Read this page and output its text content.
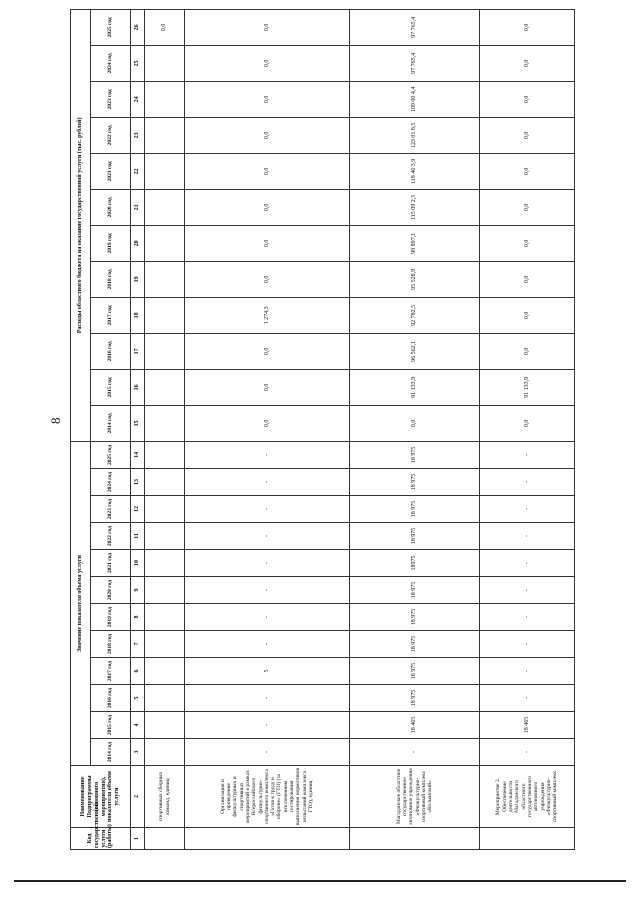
8
Код государственной услуги (работы)	Наименование Подпрограммы (основного мероприятия), показателя объема услуги	Значение показателя объема услуги												Расходы областного бюджета на оказание государственной услуги (тыс. рублей)											
		2014 год	2015 год	2016 год	2017 год	2018 год	2019 год	2020 год	2021 год	2022 год	2023 год	2024 год	2025 год	2014 год	2015 год	2016 год	2017 год	2018 год	2019 год	2020 год	2021 год	2022 год	2023 год	2024 год	2025 год
1	2	3	4	5	6	7	8	9	10	11	12	13	14	15	16	17	18	19	20	21	22	23	24	25	26
	спортивных сборных команд, единиц																								0,0
	Организация и проведение физкультурных и спортивных мероприятий в рамках Всероссийского физкультурно-спортивного комплекса «Готов к труду и обороне» (ГТО) (за исключением тестирования выполнения нормативов испытаний комплекса ГТО), единиц	-	-	-	5	-	-	-	-	-	-	-	-	0,0	0,0	0,0	1 274,3	0,0	0,0	0,0	0,0	0,0	0,0	0,0	0,0
	Магаданское областное государственное автономное учреждение «Физкультурно-спортивный комплекс «Колымский»	-	18 465	18 975	18 975	18 975	18 975	18 975	18975	18 975	18 975	18 975	18 975	0,0	91 133,9	96 562,1	92 782,5	95 528,9	98 897,1	115 09 2,5	118 46 3,9	123 01 8,5	109 00 4,4	97 765,4	97 765,4
	Мероприятие 2. Обеспечение деятельности Магаданского областного государственного автономного учреждения «Физкультурно-спортивный комплекс	-	18 465	-	-	-	-	-	-	-	-	-	-	0,0	91 133,9	0,0	0,0	0,0	0,0	0,0	0,0	0,0	0,0	0,0	0,0
